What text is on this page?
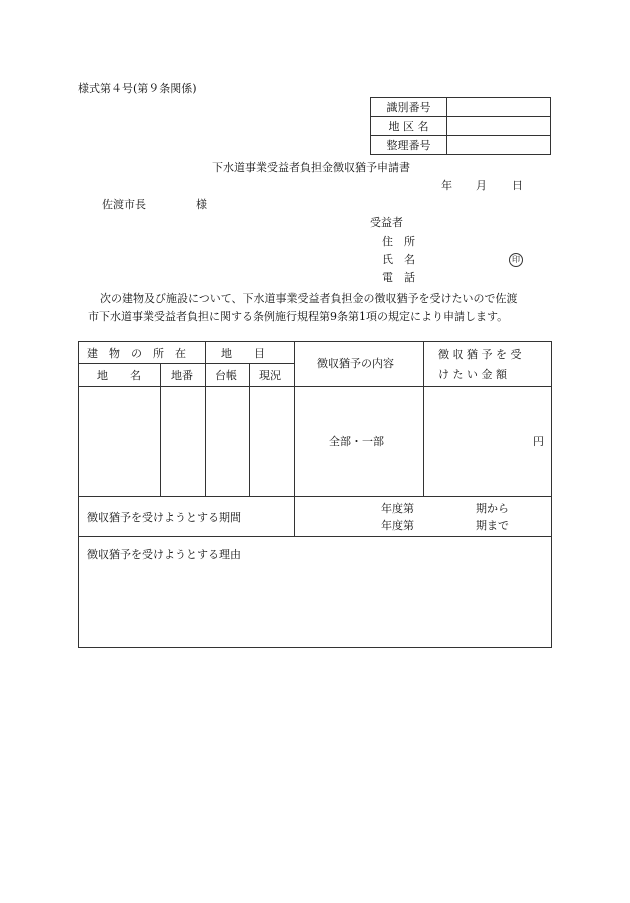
様式第４号(第９条関係)
識別番号	
地 区 名	
整理番号	
下水道事業受益者負担金徴収猶予申請書
年 月 日
佐渡市長	様
受益者
住　所
氏　名	印
電　話
次の建物及び施設について、下水道事業受益者負担金の徴収猶予を受けたいので佐渡
市下水道事業受益者負担に関する条例施行規程第9条第1項の規定により申請します。
建　物　の　所　在	地　　目
地　　名	地番 台帳 現況
徴収猶予の内容
徴 収 猶 予 を 受
け た い 金 額
全部・一部	円
徴収猶予を受けようとする期間
年度第	期から
年度第	期まで
徴収猶予を受けようとする理由
